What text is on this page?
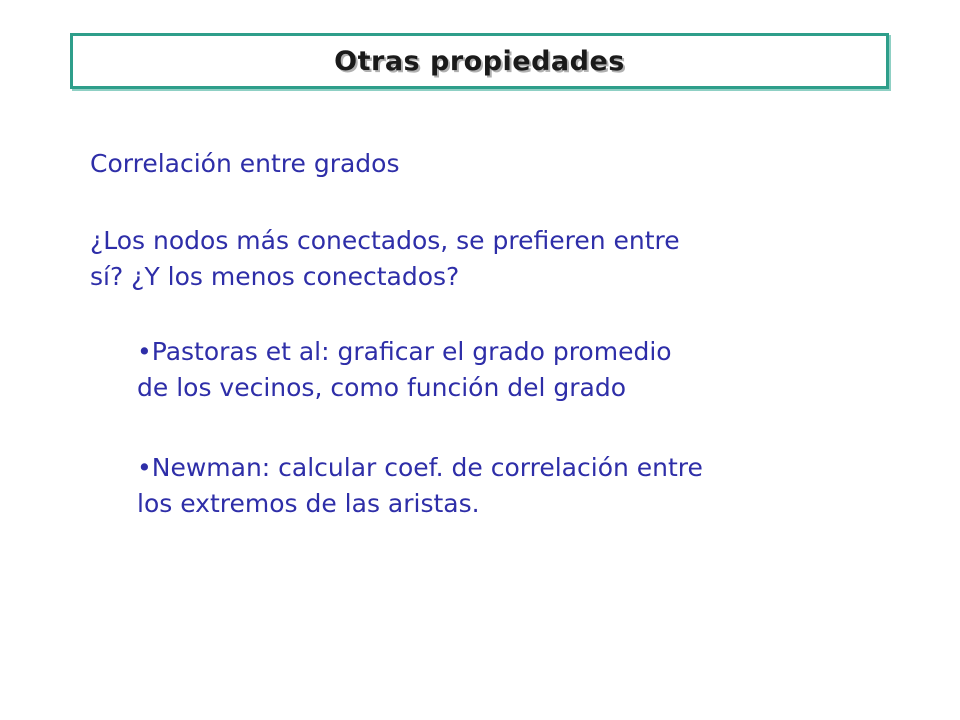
Otras propiedades
Correlación entre grados
¿Los nodos más conectados, se prefieren entre
sí? ¿Y los menos conectados?
•Pastoras et al: graficar el grado promedio
de los vecinos, como función del grado
•Newman: calcular coef. de correlación entre
los extremos de las aristas.
